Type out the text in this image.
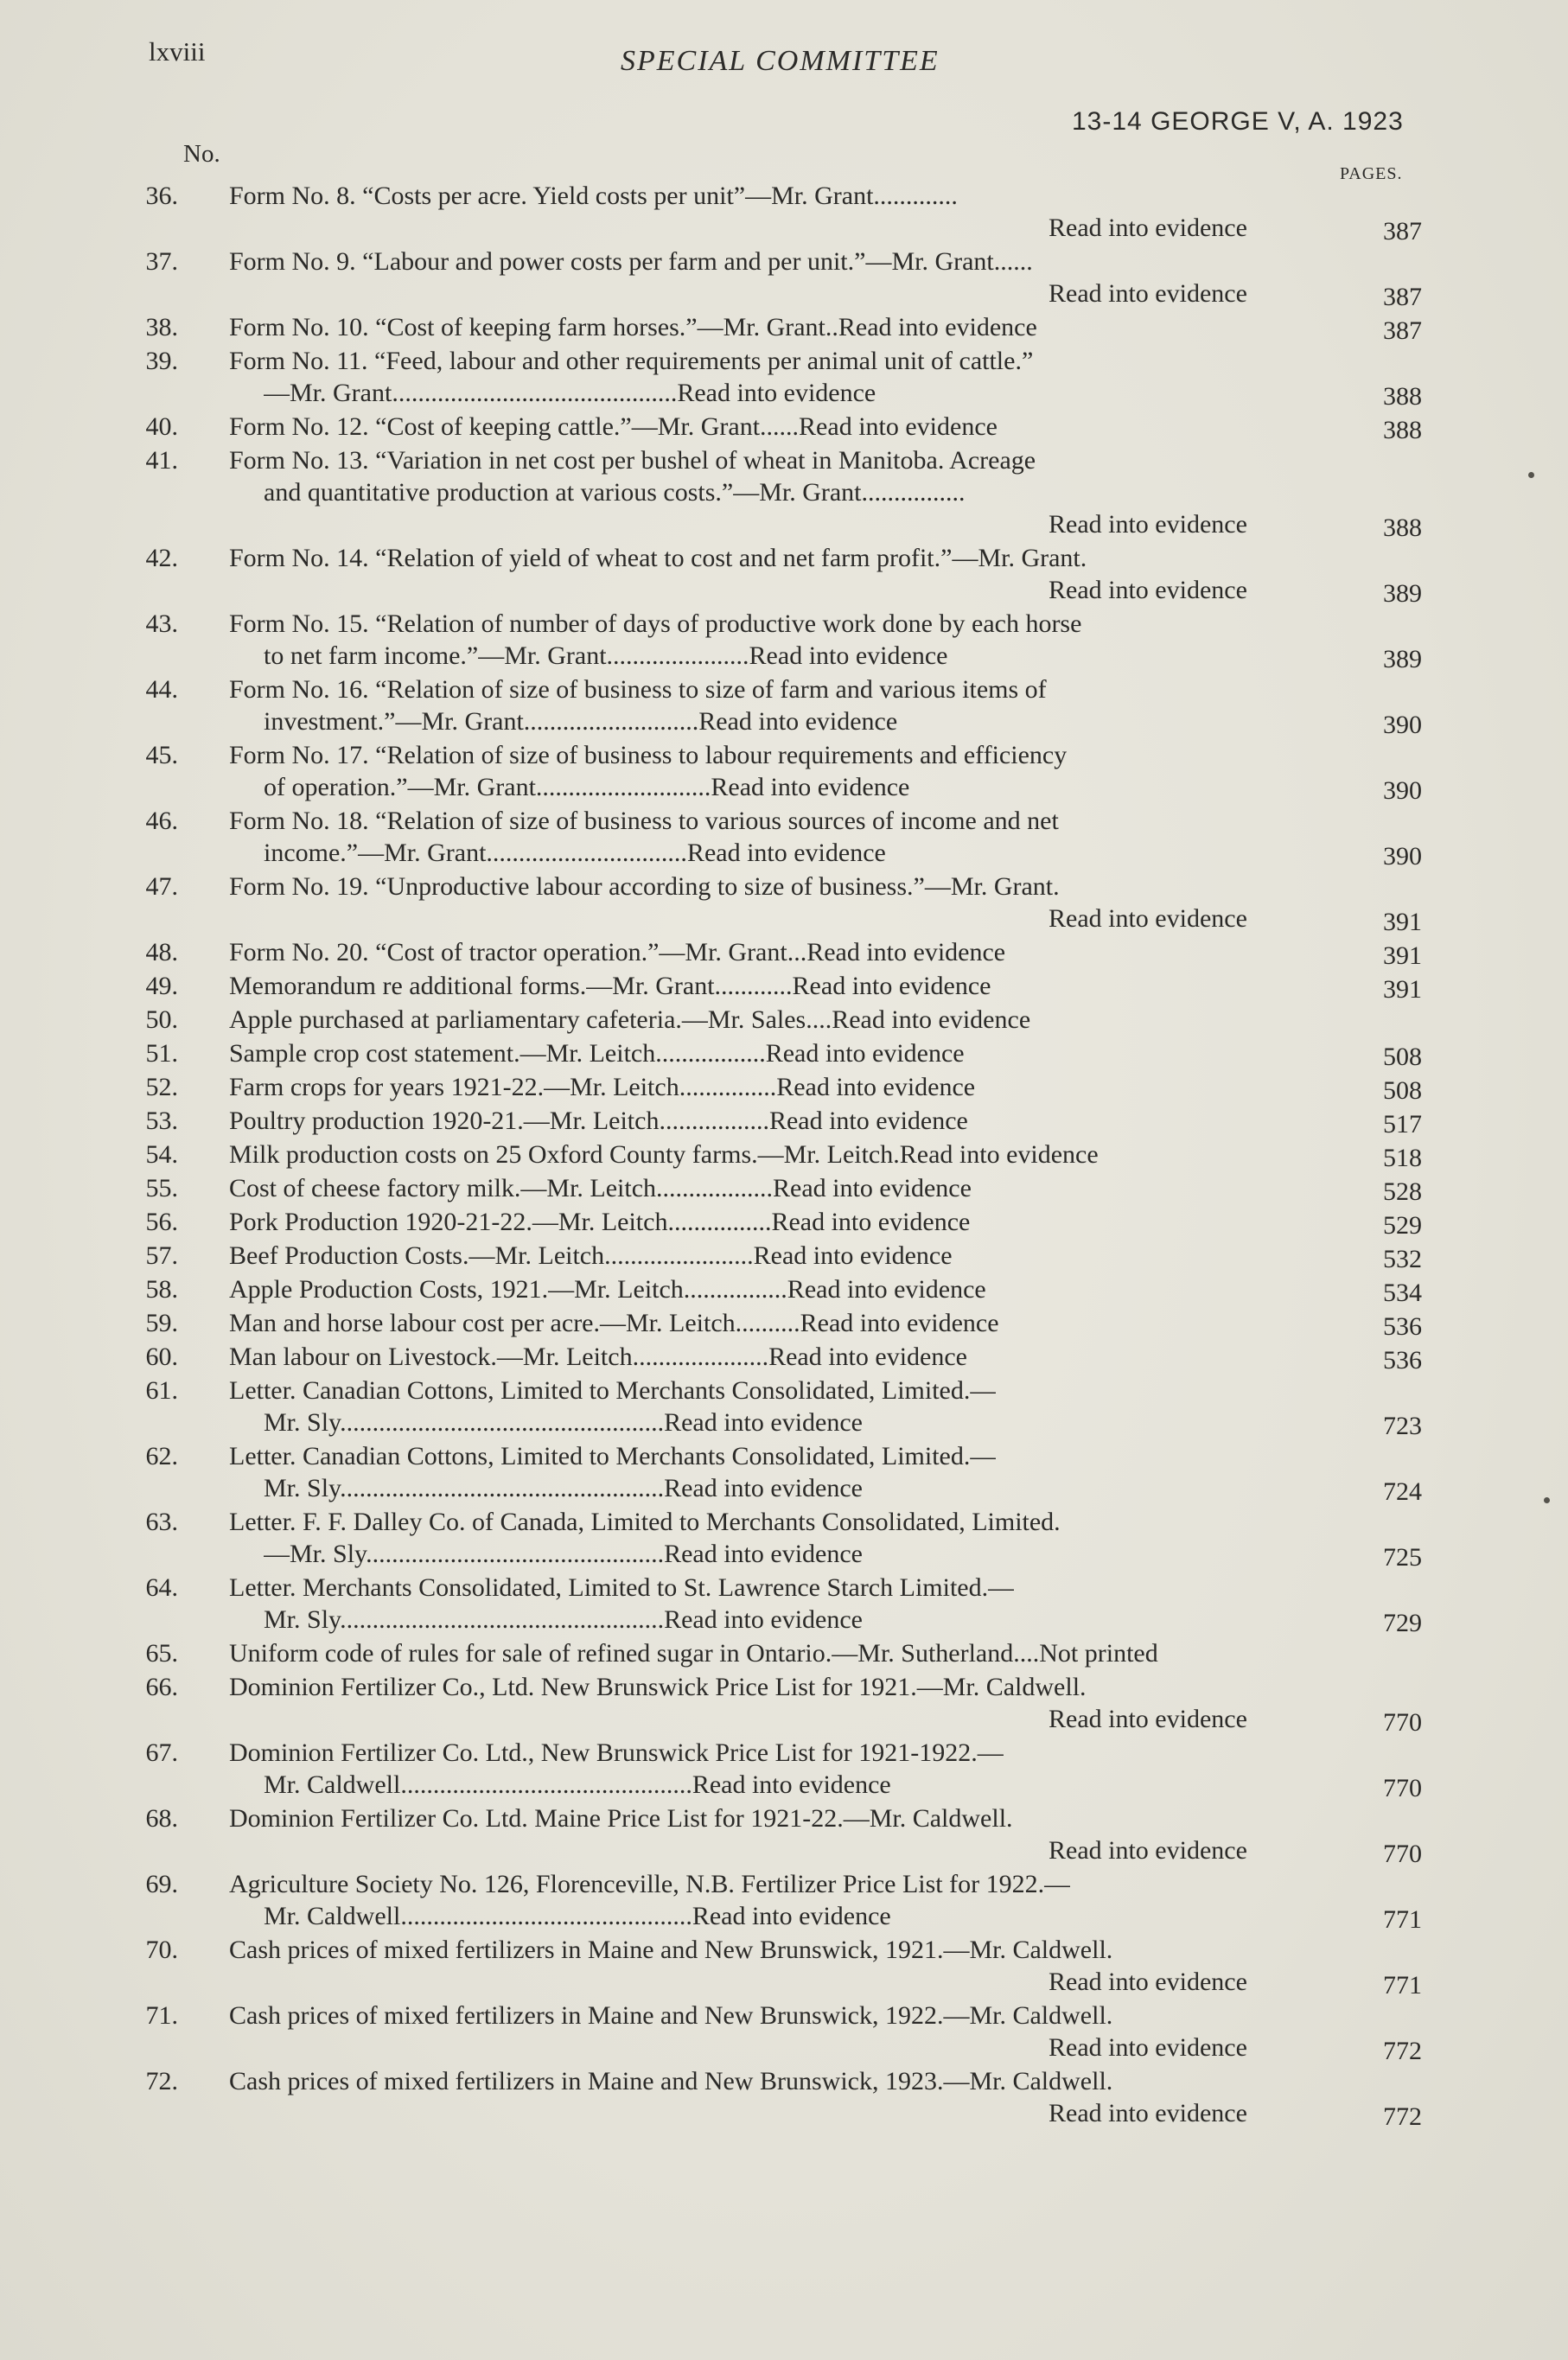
lxviii	SPECIAL COMMITTEE
13-14 GEORGE V, A. 1923
No.
PAGES.
36. Form No. 8. “Costs per acre. Yield costs per unit”—Mr. Grant.............
Read into evidence	387
37. Form No. 9. “Labour and power costs per farm and per unit.”—Mr. Grant......
Read into evidence	387
38. Form No. 10. “Cost of keeping farm horses.”—Mr. Grant..Read into evidence	387
39. Form No. 11. “Feed, labour and other requirements per animal unit of cattle.”
—Mr. Grant............................................Read into evidence	388
40. Form No. 12. “Cost of keeping cattle.”—Mr. Grant......Read into evidence	388
41. Form No. 13. “Variation in net cost per bushel of wheat in Manitoba. Acreage
and quantitative production at various costs.”—Mr. Grant................
Read into evidence	388
42. Form No. 14. “Relation of yield of wheat to cost and net farm profit.”—Mr. Grant.
Read into evidence	389
43. Form No. 15. “Relation of number of days of productive work done by each horse
to net farm income.”—Mr. Grant......................Read into evidence	389
44. Form No. 16. “Relation of size of business to size of farm and various items of
investment.”—Mr. Grant...........................Read into evidence	390
45. Form No. 17. “Relation of size of business to labour requirements and efficiency
of operation.”—Mr. Grant...........................Read into evidence	390
46. Form No. 18. “Relation of size of business to various sources of income and net
income.”—Mr. Grant...............................Read into evidence	390
47. Form No. 19. “Unproductive labour according to size of business.”—Mr. Grant.
Read into evidence	391
48. Form No. 20. “Cost of tractor operation.”—Mr. Grant...Read into evidence	391
49. Memorandum re additional forms.—Mr. Grant............Read into evidence	391
50. Apple purchased at parliamentary cafeteria.—Mr. Sales....Read into evidence
51. Sample crop cost statement.—Mr. Leitch.................Read into evidence	508
52. Farm crops for years 1921-22.—Mr. Leitch...............Read into evidence	508
53. Poultry production 1920-21.—Mr. Leitch.................Read into evidence	517
54. Milk production costs on 25 Oxford County farms.—Mr. Leitch.Read into evidence	518
55. Cost of cheese factory milk.—Mr. Leitch..................Read into evidence	528
56. Pork Production 1920-21-22.—Mr. Leitch................Read into evidence	529
57. Beef Production Costs.—Mr. Leitch.......................Read into evidence	532
58. Apple Production Costs, 1921.—Mr. Leitch................Read into evidence	534
59. Man and horse labour cost per acre.—Mr. Leitch..........Read into evidence	536
60. Man labour on Livestock.—Mr. Leitch.....................Read into evidence	536
61. Letter. Canadian Cottons, Limited to Merchants Consolidated, Limited.—
Mr. Sly..................................................Read into evidence	723
62. Letter. Canadian Cottons, Limited to Merchants Consolidated, Limited.—
Mr. Sly..................................................Read into evidence	724
63. Letter. F. F. Dalley Co. of Canada, Limited to Merchants Consolidated, Limited.
—Mr. Sly..............................................Read into evidence	725
64. Letter. Merchants Consolidated, Limited to St. Lawrence Starch Limited.—
Mr. Sly..................................................Read into evidence	729
65. Uniform code of rules for sale of refined sugar in Ontario.—Mr. Sutherland....Not printed
66. Dominion Fertilizer Co., Ltd. New Brunswick Price List for 1921.—Mr. Caldwell.
Read into evidence	770
67. Dominion Fertilizer Co. Ltd., New Brunswick Price List for 1921-1922.—
Mr. Caldwell.............................................Read into evidence	770
68. Dominion Fertilizer Co. Ltd. Maine Price List for 1921-22.—Mr. Caldwell.
Read into evidence	770
69. Agriculture Society No. 126, Florenceville, N.B. Fertilizer Price List for 1922.—
Mr. Caldwell.............................................Read into evidence	771
70. Cash prices of mixed fertilizers in Maine and New Brunswick, 1921.—Mr. Caldwell.
Read into evidence	771
71. Cash prices of mixed fertilizers in Maine and New Brunswick, 1922.—Mr. Caldwell.
Read into evidence	772
72. Cash prices of mixed fertilizers in Maine and New Brunswick, 1923.—Mr. Caldwell.
Read into evidence	772
